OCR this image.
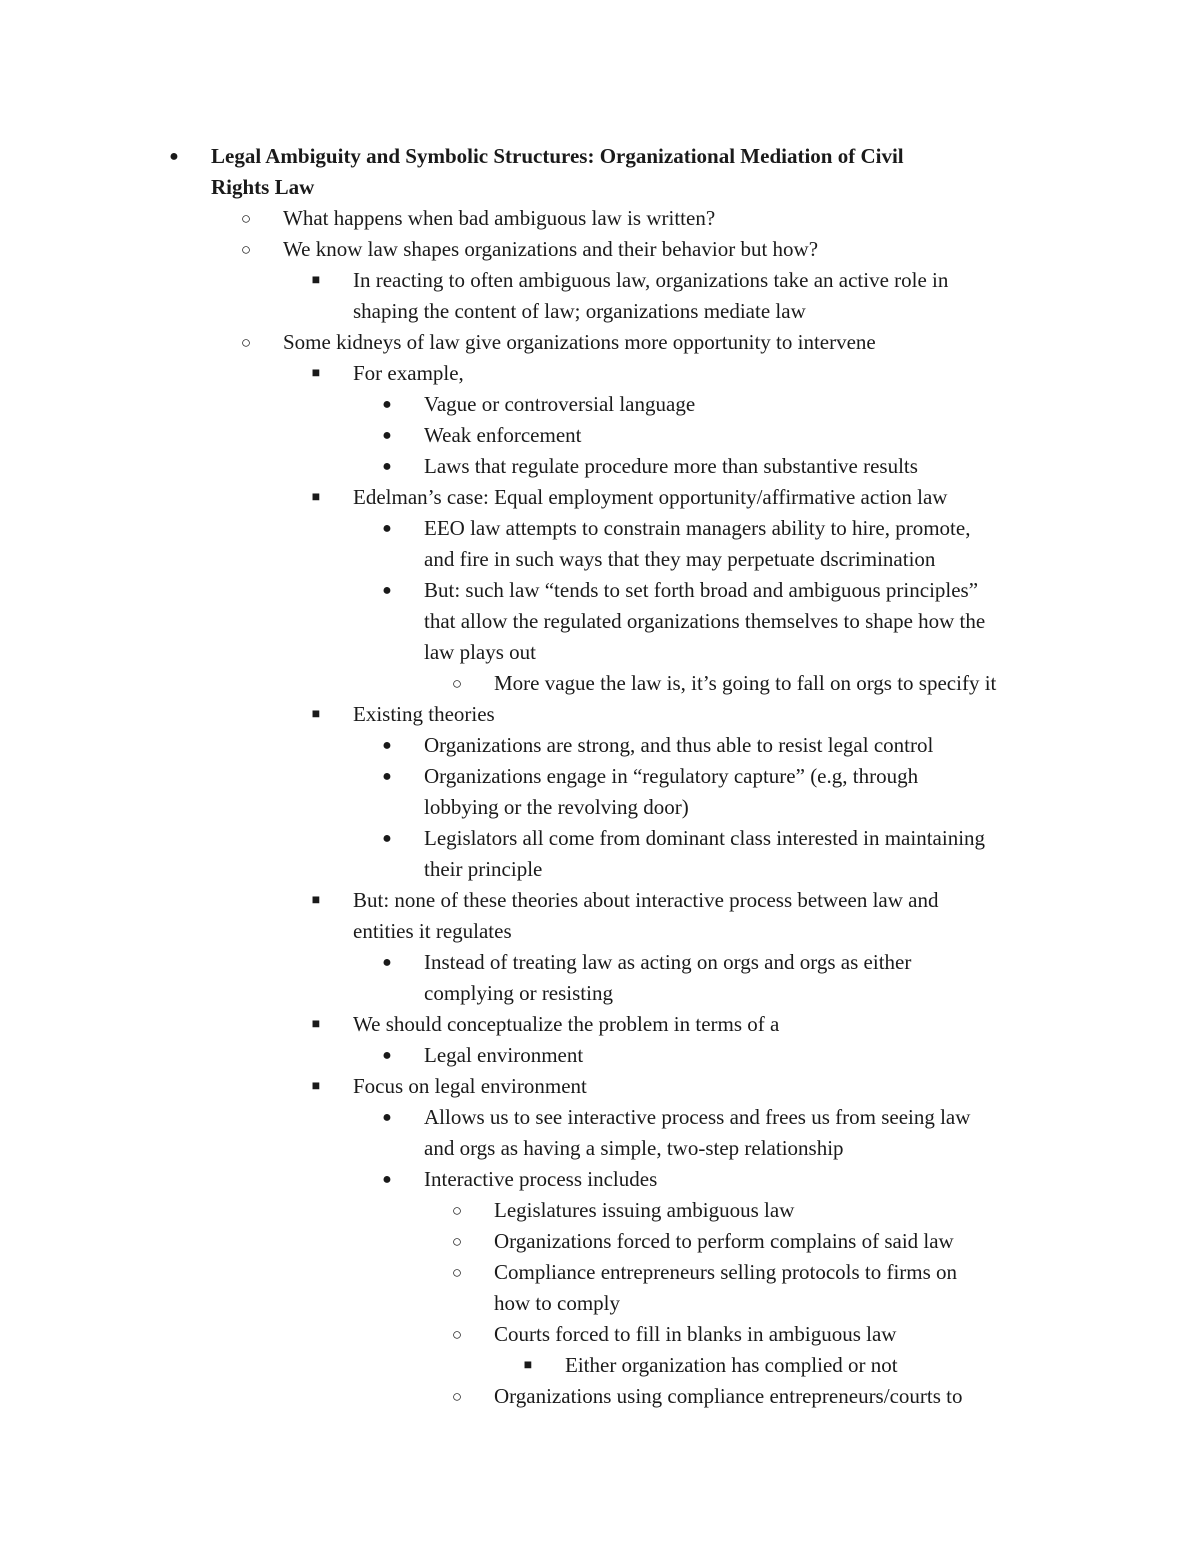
● Legal Ambiguity and Symbolic Structures: Organizational Mediation of Civil
Rights Law
○ What happens when bad ambiguous law is written?
○ We know law shapes organizations and their behavior but how?
■ In reacting to often ambiguous law, organizations take an active role in
shaping the content of law; organizations mediate law
○ Some kidneys of law give organizations more opportunity to intervene
■ For example,
● Vague or controversial language
● Weak enforcement
● Laws that regulate procedure more than substantive results
■ Edelman’s case: Equal employment opportunity/affirmative action law
● EEO law attempts to constrain managers ability to hire, promote,
and fire in such ways that they may perpetuate dscrimination
● But: such law “tends to set forth broad and ambiguous principles”
that allow the regulated organizations themselves to shape how the
law plays out
○ More vague the law is, it’s going to fall on orgs to specify it
■ Existing theories
● Organizations are strong, and thus able to resist legal control
● Organizations engage in “regulatory capture” (e.g, through
lobbying or the revolving door)
● Legislators all come from dominant class interested in maintaining
their principle
■ But: none of these theories about interactive process between law and
entities it regulates
● Instead of treating law as acting on orgs and orgs as either
complying or resisting
■ We should conceptualize the problem in terms of a
● Legal environment
■ Focus on legal environment
● Allows us to see interactive process and frees us from seeing law
and orgs as having a simple, two-step relationship
● Interactive process includes
○ Legislatures issuing ambiguous law
○ Organizations forced to perform complains of said law
○ Compliance entrepreneurs selling protocols to firms on
how to comply
○ Courts forced to fill in blanks in ambiguous law
■ Either organization has complied or not
○ Organizations using compliance entrepreneurs/courts to
